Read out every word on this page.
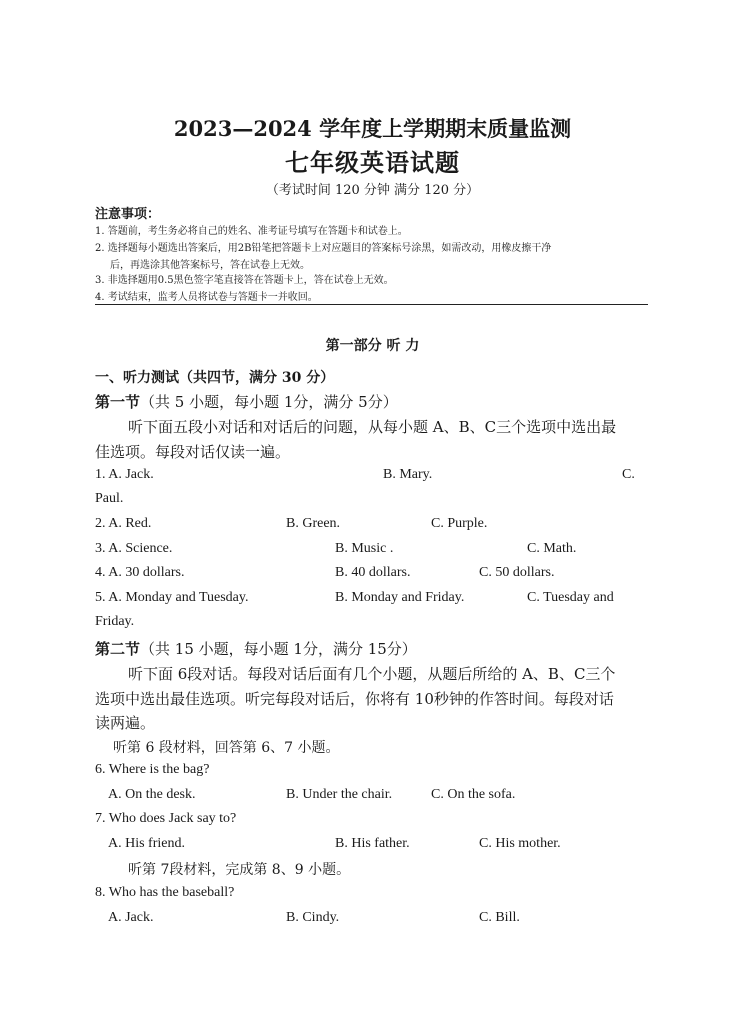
2023—2024 学年度上学期期末质量监测
七年级英语试题
（考试时间 120 分钟 满分 120 分）
注意事项：
1. 答题前，考生务必将自己的姓名、准考证号填写在答题卡和试卷上。
2. 选择题每小题选出答案后，用2B铅笔把答题卡上对应题目的答案标号涂黑，如需改动，用橡皮擦干净
后，再选涂其他答案标号，答在试卷上无效。
3. 非选择题用0.5黑色签字笔直接答在答题卡上，答在试卷上无效。
4. 考试结束，监考人员将试卷与答题卡一并收回。
第一部分 听 力
一、听力测试（共四节，满分 30 分）
第一节（共 5 小题，每小题 1分，满分 5分）
听下面五段小对话和对话后的问题，从每小题 A、B、C三个选项中选出最
佳选项。每段对话仅读一遍。
1. A. Jack.	B. Mary.	C.
Paul.
2. A. Red.	B. Green.	C. Purple.
3. A. Science.	B. Music .	C. Math.
4. A. 30 dollars.	B. 40 dollars.	C. 50 dollars.
5. A. Monday and Tuesday.	B. Monday and Friday.	C. Tuesday and
Friday.
第二节（共 15 小题，每小题 1分，满分 15分）
听下面 6段对话。每段对话后面有几个小题，从题后所给的 A、B、C三个
选项中选出最佳选项。听完每段对话后，你将有 10秒钟的作答时间。每段对话
读两遍。
听第 6 段材料，回答第 6、7 小题。
6. Where is the bag?
A. On the desk.	B. Under the chair.	C. On the sofa.
7. Who does Jack say to?
A. His friend.	B. His father.	C. His mother.
听第 7段材料，完成第 8、9 小题。
8. Who has the baseball?
A. Jack.	B. Cindy.	C. Bill.
